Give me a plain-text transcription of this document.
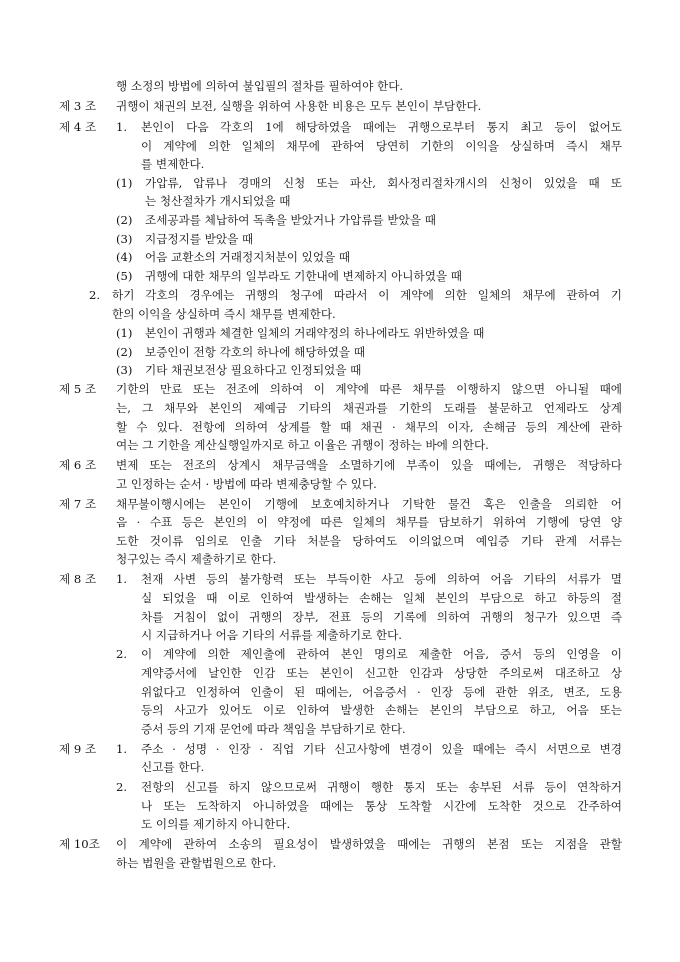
행 소정의 방법에 의하여 불입필의 절차를 필하여야 한다.
제 3 조 귀행이 채권의 보전, 실행을 위하여 사용한 비용은 모두 본인이 부담한다.
제 4 조 1. 본인이 다음 각호의 1에 해당하였을 때에는 귀행으로부터 통지 최고 등이 없어도
이 계약에 의한 일체의 채무에 관하여 당연히 기한의 이익을 상실하며 즉시 채무
를 변제한다.
(1) 가압류, 압류나 경매의 신청 또는 파산, 회사정리절차개시의 신청이 있었을 때 또
는 청산절차가 개시되었을 때
(2) 조세공과를 체납하여 독촉을 받았거나 가압류를 받았을 때
(3) 지급정지를 받았을 때
(4) 어음 교환소의 거래정지처분이 있었을 때
(5) 귀행에 대한 채무의 일부라도 기한내에 변제하지 아니하였을 때
2. 하기 각호의 경우에는 귀행의 청구에 따라서 이 계약에 의한 일체의 채무에 관하여 기
한의 이익을 상실하며 즉시 채무를 변제한다.
(1) 본인이 귀행과 체결한 일체의 거래약정의 하나에라도 위반하였을 때
(2) 보증인이 전항 각호의 하나에 해당하였을 때
(3) 기타 채권보전상 필요하다고 인정되었을 때
제 5 조 기한의 만료 또는 전조에 의하여 이 계약에 따른 채무를 이행하지 않으면 아니될 때에
는, 그 채무와 본인의 제예금 기타의 채권과를 기한의 도래를 불문하고 언제라도 상계
할 수 있다. 전항에 의하여 상계를 할 때 채권 · 채무의 이자, 손해금 등의 계산에 관하
여는 그 기한을 계산실행일까지로 하고 이율은 귀행이 정하는 바에 의한다.
제 6 조 변제 또는 전조의 상계시 채무금액을 소멸하기에 부족이 있을 때에는, 귀행은 적당하다
고 인정하는 순서 · 방법에 따라 변제충당할 수 있다.
제 7 조 채무불이행시에는 본인이 기행에 보호예치하거나 기탁한 물건 혹은 인출을 의뢰한 어
음 · 수표 등은 본인의 이 약정에 따른 일체의 채무를 담보하기 위하여 기행에 당연 양
도한 것이류 임의로 인출 기타 처분을 당하여도 이의없으며 예입증 기타 관계 서류는
청구있는 즉시 제출하기로 한다.
제 8 조 1. 천재 사변 등의 불가항력 또는 부득이한 사고 등에 의하여 어음 기타의 서류가 멸
실 되었을 때 이로 인하여 발생하는 손해는 일체 본인의 부담으로 하고 하등의 절
차를 거침이 없이 귀행의 장부, 전표 등의 기록에 의하여 귀행의 청구가 있으면 즉
시 지급하거나 어음 기타의 서류를 제출하기로 한다.
2. 이 계약에 의한 제인출에 관하여 본인 명의로 제출한 어음, 증서 등의 인영을 이
계약증서에 날인한 인감 또는 본인이 신고한 인감과 상당한 주의로써 대조하고 상
위없다고 인정하여 인출이 된 때에는, 어음증서 · 인장 등에 관한 위조, 변조, 도용
등의 사고가 있어도 이로 인하여 발생한 손해는 본인의 부담으로 하고, 어음 또는
증서 등의 기재 문언에 따라 책임을 부담하기로 한다.
제 9 조 1. 주소 · 성명 · 인장 · 직업 기타 신고사항에 변경이 있을 때에는 즉시 서면으로 변경
신고를 한다.
2. 전항의 신고를 하지 않으므로써 귀행이 행한 통지 또는 송부된 서류 등이 연착하거
나 또는 도착하지 아니하였을 때에는 통상 도착할 시간에 도착한 것으로 간주하여
도 이의를 제기하지 아니한다.
제 10조 이 계약에 관하여 소송의 필요성이 발생하였을 때에는 귀행의 본점 또는 지점을 관할
하는 법원을 관할법원으로 한다.
